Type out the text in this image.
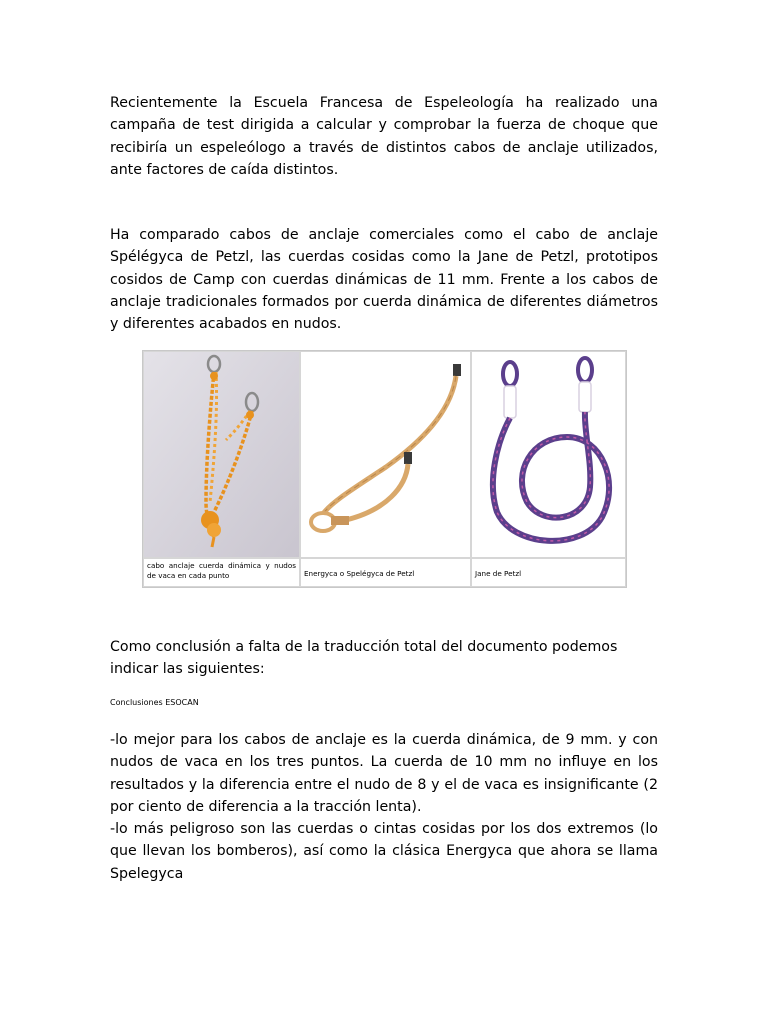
Recientemente la Escuela Francesa de Espeleología ha realizado una campaña de test dirigida a calcular y comprobar la fuerza de choque que recibiría un espeleólogo a través de distintos cabos de anclaje utilizados, ante factores de caída distintos.

Ha comparado cabos de anclaje comerciales como el cabo de anclaje Spélégyca de Petzl, las cuerdas cosidas como la Jane de Petzl, prototipos cosidos de Camp con cuerdas dinámicas de 11 mm. Frente a los cabos de anclaje tradicionales formados por cuerda dinámica de diferentes diámetros y diferentes acabados en nudos.

cabo anclaje cuerda dinámica y nudos de vaca en cada punto	Energyca o Spelégyca de Petzl	Jane de Petzl

Como conclusión a falta de la traducción total del documento podemos indicar las siguientes:

Conclusiones ESOCAN

-lo mejor para los cabos de anclaje es la cuerda dinámica, de 9 mm. y con nudos de vaca en los tres puntos. La cuerda de 10 mm no influye en los resultados y la diferencia entre el nudo de 8 y el de vaca es insignificante (2 por ciento de diferencia a la tracción lenta).
-lo más peligroso son las cuerdas o cintas cosidas por los dos extremos (lo que llevan los bomberos), así como la clásica Energyca que ahora se llama Spelegyca
